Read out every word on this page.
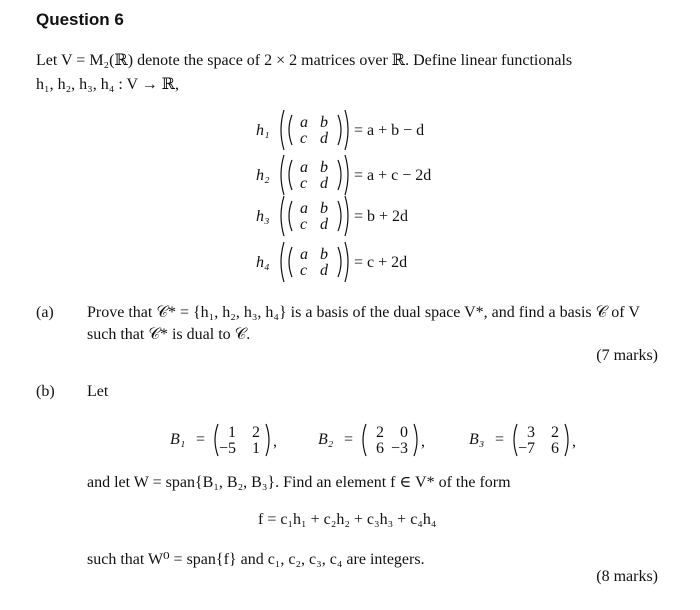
Question 6
Let V = M₂(ℝ) denote the space of 2 × 2 matrices over ℝ. Define linear functionals
h₁, h₂, h₃, h₄ : V → ℝ,
h₁ a b
c d = a + b − d
h₂ a b
c d = a + c − 2d
h₃ a b
c d = b + 2d
h₄ a b
c d = c + 2d
(a) Prove that 𝒞* = {h₁, h₂, h₃, h₄} is a basis of the dual space V*, and find a basis 𝒞 of V
such that 𝒞* is dual to 𝒞.
(7 marks)
(b) Let
B₁ = 1 2
−5 1 ,	B₂ = 2 0
6 −3 ,	B₃ = 3 2
−7 6 ,
and let W = span{B₁, B₂, B₃}. Find an element f ∈ V* of the form
f = c₁h₁ + c₂h₂ + c₃h₃ + c₄h₄
such that W⁰ = span{f} and c₁, c₂, c₃, c₄ are integers.
(8 marks)
